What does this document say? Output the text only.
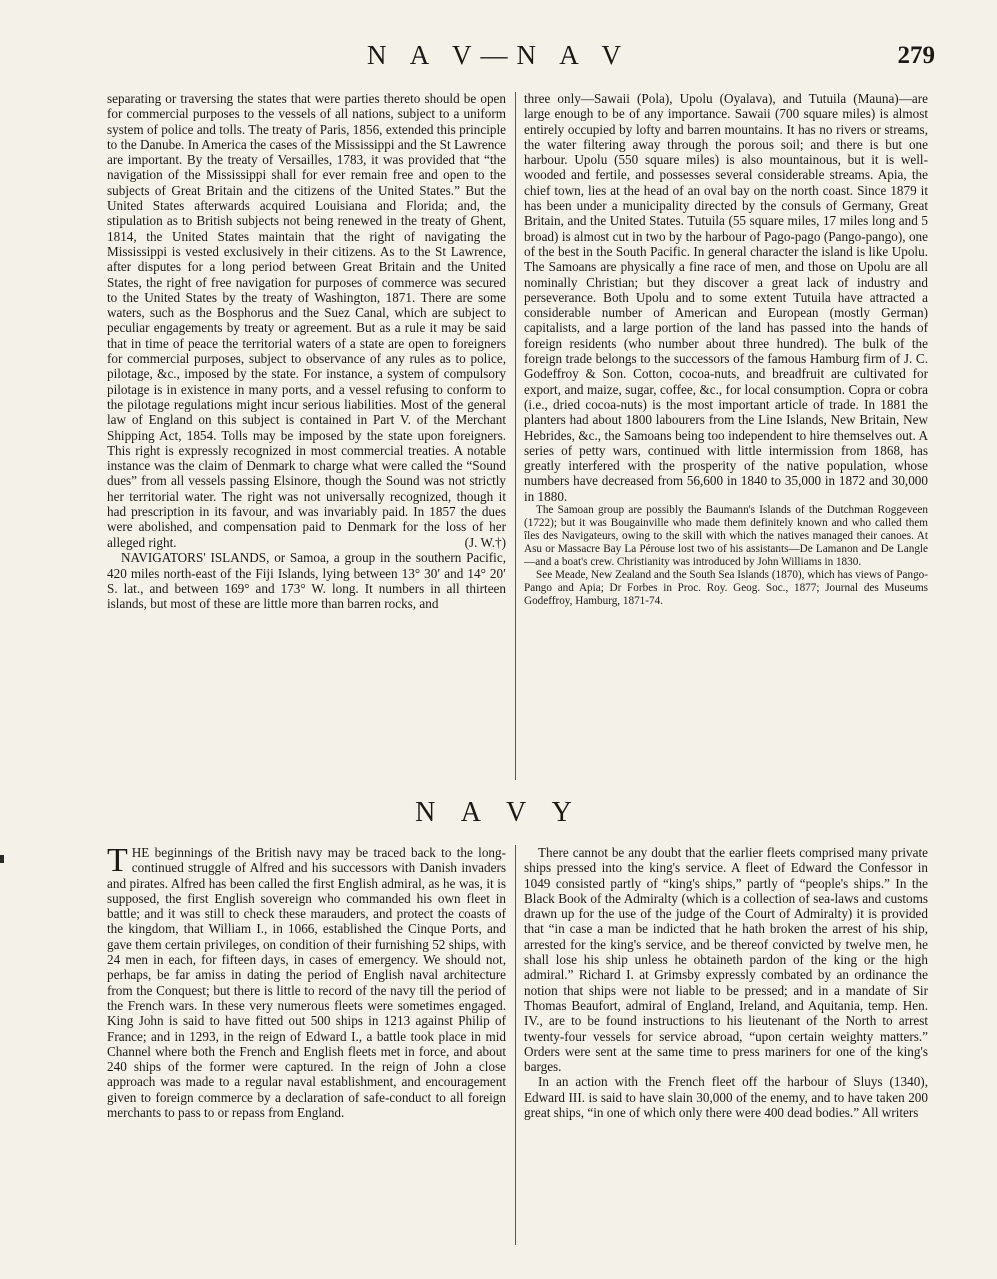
N A V—N A V	279

separating or traversing the states that were parties thereto should be open for commercial purposes to the vessels of all nations, subject to a uniform system of police and tolls. The treaty of Paris, 1856, extended this principle to the Danube. In America the cases of the Mississippi and the St Lawrence are important. By the treaty of Versailles, 1783, it was provided that “the navigation of the Mississippi shall for ever remain free and open to the subjects of Great Britain and the citizens of the United States.” But the United States afterwards acquired Louisiana and Florida; and, the stipulation as to British subjects not being renewed in the treaty of Ghent, 1814, the United States maintain that the right of navigating the Mississippi is vested exclusively in their citizens. As to the St Lawrence, after disputes for a long period between Great Britain and the United States, the right of free navigation for purposes of commerce was secured to the United States by the treaty of Washington, 1871. There are some waters, such as the Bosphorus and the Suez Canal, which are subject to peculiar engagements by treaty or agreement. But as a rule it may be said that in time of peace the territorial waters of a state are open to foreigners for commercial purposes, subject to observance of any rules as to police, pilotage, &c., imposed by the state. For instance, a system of compulsory pilotage is in existence in many ports, and a vessel refusing to conform to the pilotage regulations might incur serious liabilities. Most of the general law of England on this subject is contained in Part V. of the Merchant Shipping Act, 1854. Tolls may be imposed by the state upon foreigners. This right is expressly recognized in most commercial treaties. A notable instance was the claim of Denmark to charge what were called the “Sound dues” from all vessels passing Elsinore, though the Sound was not strictly her territorial water. The right was not universally recognized, though it had prescription in its favour, and was invariably paid. In 1857 the dues were abolished, and compensation paid to Denmark for the loss of her alleged right.	(J. W.†)

NAVIGATORS' ISLANDS, or Samoa, a group in the southern Pacific, 420 miles north-east of the Fiji Islands, lying between 13° 30′ and 14° 20′ S. lat., and between 169° and 173° W. long. It numbers in all thirteen islands, but most of these are little more than barren rocks, and

three only—Sawaii (Pola), Upolu (Oyalava), and Tutuila (Mauna)—are large enough to be of any importance. Sawaii (700 square miles) is almost entirely occupied by lofty and barren mountains. It has no rivers or streams, the water filtering away through the porous soil; and there is but one harbour. Upolu (550 square miles) is also mountainous, but it is well-wooded and fertile, and possesses several considerable streams. Apia, the chief town, lies at the head of an oval bay on the north coast. Since 1879 it has been under a municipality directed by the consuls of Germany, Great Britain, and the United States. Tutuila (55 square miles, 17 miles long and 5 broad) is almost cut in two by the harbour of Pago-pago (Pango-pango), one of the best in the South Pacific. In general character the island is like Upolu. The Samoans are physically a fine race of men, and those on Upolu are all nominally Christian; but they discover a great lack of industry and perseverance. Both Upolu and to some extent Tutuila have attracted a considerable number of American and European (mostly German) capitalists, and a large portion of the land has passed into the hands of foreign residents (who number about three hundred). The bulk of the foreign trade belongs to the successors of the famous Hamburg firm of J. C. Godeffroy & Son. Cotton, cocoa-nuts, and breadfruit are cultivated for export, and maize, sugar, coffee, &c., for local consumption. Copra or cobra (i.e., dried cocoa-nuts) is the most important article of trade. In 1881 the planters had about 1800 labourers from the Line Islands, New Britain, New Hebrides, &c., the Samoans being too independent to hire themselves out. A series of petty wars, continued with little intermission from 1868, has greatly interfered with the prosperity of the native population, whose numbers have decreased from 56,600 in 1840 to 35,000 in 1872 and 30,000 in 1880.

The Samoan group are possibly the Baumann's Islands of the Dutchman Roggeveen (1722); but it was Bougainville who made them definitely known and who called them îles des Navigateurs, owing to the skill with which the natives managed their canoes. At Asu or Massacre Bay La Pérouse lost two of his assistants—De Lamanon and De Langle—and a boat's crew. Christianity was introduced by John Williams in 1830.

See Meade, New Zealand and the South Sea Islands (1870), which has views of Pango-Pango and Apia; Dr Forbes in Proc. Roy. Geog. Soc., 1877; Journal des Museums Godeffroy, Hamburg, 1871-74.

N A V Y

THE beginnings of the British navy may be traced back to the long-continued struggle of Alfred and his successors with Danish invaders and pirates. Alfred has been called the first English admiral, as he was, it is supposed, the first English sovereign who commanded his own fleet in battle; and it was still to check these marauders, and protect the coasts of the kingdom, that William I., in 1066, established the Cinque Ports, and gave them certain privileges, on condition of their furnishing 52 ships, with 24 men in each, for fifteen days, in cases of emergency. We should not, perhaps, be far amiss in dating the period of English naval architecture from the Conquest; but there is little to record of the navy till the period of the French wars. In these very numerous fleets were sometimes engaged. King John is said to have fitted out 500 ships in 1213 against Philip of France; and in 1293, in the reign of Edward I., a battle took place in mid Channel where both the French and English fleets met in force, and about 240 ships of the former were captured. In the reign of John a close approach was made to a regular naval establishment, and encouragement given to foreign commerce by a declaration of safe-conduct to all foreign merchants to pass to or repass from England.

There cannot be any doubt that the earlier fleets comprised many private ships pressed into the king's service. A fleet of Edward the Confessor in 1049 consisted partly of “king's ships,” partly of “people's ships.” In the Black Book of the Admiralty (which is a collection of sea-laws and customs drawn up for the use of the judge of the Court of Admiralty) it is provided that “in case a man be indicted that he hath broken the arrest of his ship, arrested for the king's service, and be thereof convicted by twelve men, he shall lose his ship unless he obtaineth pardon of the king or the high admiral.” Richard I. at Grimsby expressly combated by an ordinance the notion that ships were not liable to be pressed; and in a mandate of Sir Thomas Beaufort, admiral of England, Ireland, and Aquitania, temp. Hen. IV., are to be found instructions to his lieutenant of the North to arrest twenty-four vessels for service abroad, “upon certain weighty matters.” Orders were sent at the same time to press mariners for one of the king's barges.

In an action with the French fleet off the harbour of Sluys (1340), Edward III. is said to have slain 30,000 of the enemy, and to have taken 200 great ships, “in one of which only there were 400 dead bodies.” All writers
